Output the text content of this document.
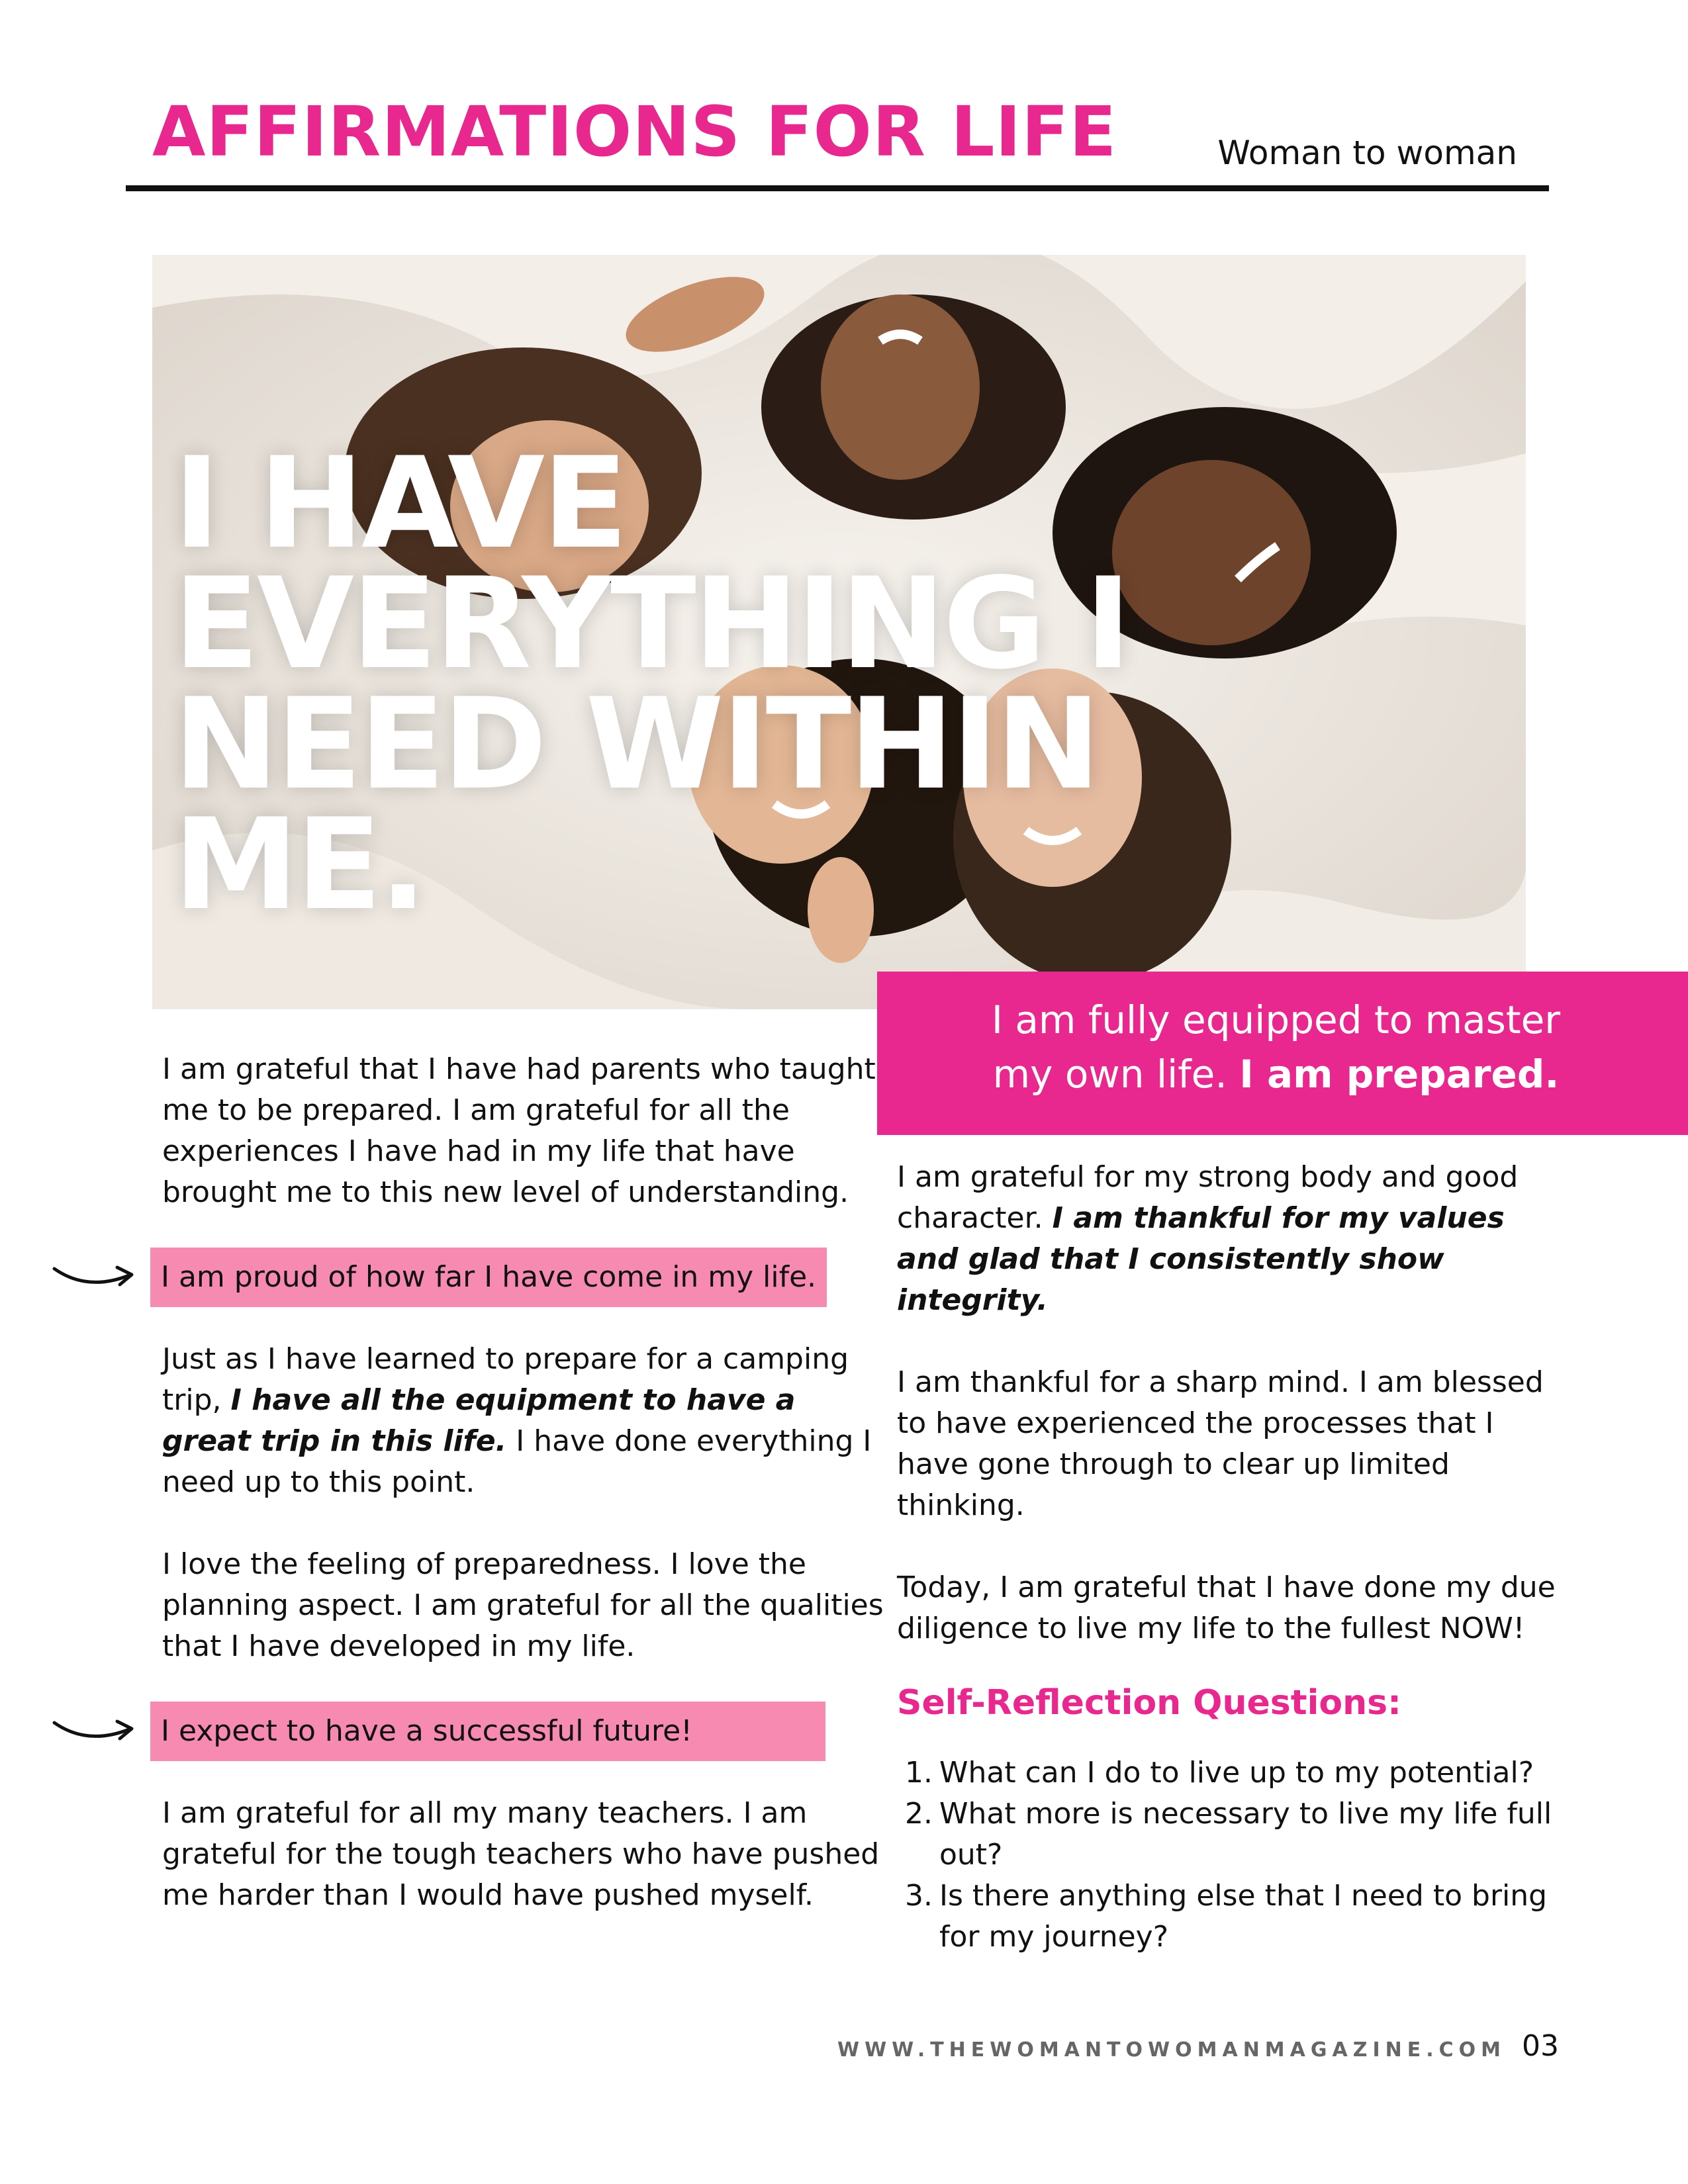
AFFIRMATIONS FOR LIFE	Woman to woman
I HAVE EVERYTHING I NEED WITHIN ME.
I am fully equipped to master
my own life. I am prepared.

I am grateful that I have had parents who taught me to be prepared. I am grateful for all the experiences I have had in my life that have brought me to this new level of understanding.

I am proud of how far I have come in my life.

Just as I have learned to prepare for a camping trip, I have all the equipment to have a great trip in this life. I have done everything I need up to this point.

I love the feeling of preparedness. I love the planning aspect. I am grateful for all the qualities that I have developed in my life.

I expect to have a successful future!

I am grateful for all my many teachers. I am grateful for the tough teachers who have pushed me harder than I would have pushed myself.

I am grateful for my strong body and good character. I am thankful for my values and glad that I consistently show integrity.

I am thankful for a sharp mind. I am blessed to have experienced the processes that I have gone through to clear up limited thinking.

Today, I am grateful that I have done my due diligence to live my life to the fullest NOW!

Self-Reflection Questions:
1. What can I do to live up to my potential?
2. What more is necessary to live my life full out?
3. Is there anything else that I need to bring for my journey?
WWW.THEWOMANTOWOMANMAGAZINE.COM 03
